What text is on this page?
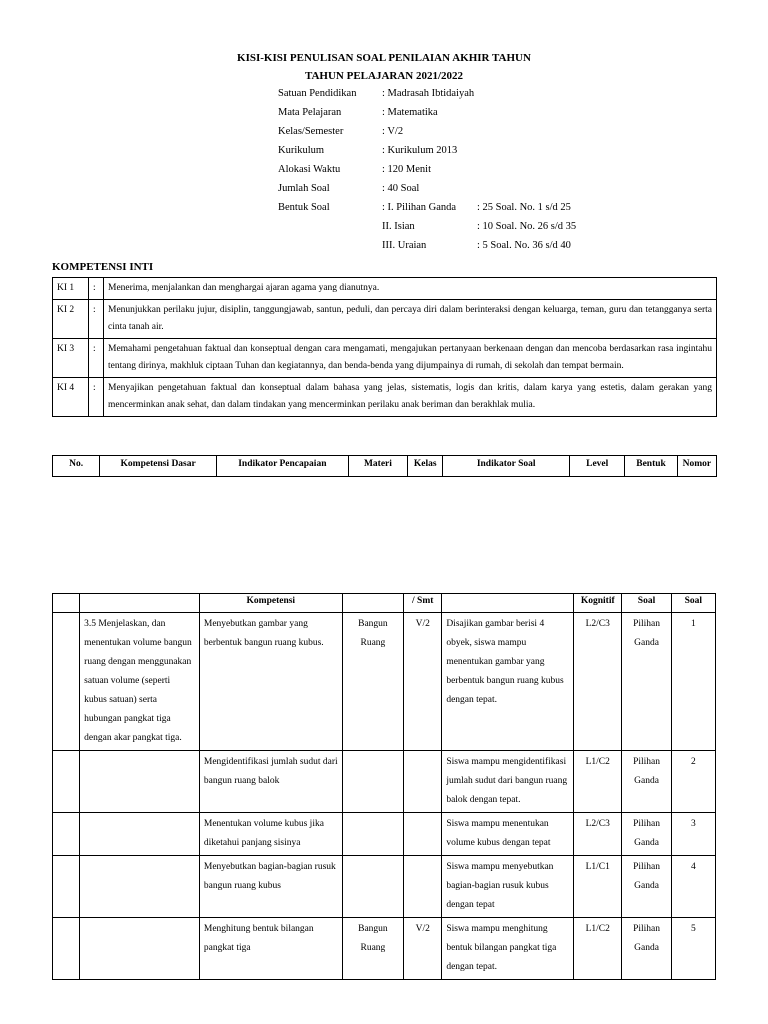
KISI-KISI PENULISAN SOAL PENILAIAN AKHIR TAHUN
TAHUN PELAJARAN 2021/2022
Satuan Pendidikan	: Madrasah Ibtidaiyah
Mata Pelajaran	: Matematika
Kelas/Semester	: V/2
Kurikulum	: Kurikulum 2013
Alokasi Waktu	: 120 Menit
Jumlah Soal	: 40 Soal
Bentuk Soal	: I. Pilihan Ganda	: 25 Soal. No. 1 s/d 25
II. Isian	: 10 Soal. No. 26 s/d 35
III. Uraian	: 5 Soal. No. 36 s/d 40
KOMPETENSI INTI
KI 1	:	Menerima, menjalankan dan menghargai ajaran agama yang dianutnya.
KI 2	:	Menunjukkan perilaku jujur, disiplin, tanggungjawab, santun, peduli, dan percaya diri dalam berinteraksi dengan keluarga, teman, guru dan tetangganya serta cinta tanah air.
KI 3	:	Memahami pengetahuan faktual dan konseptual dengan cara mengamati, mengajukan pertanyaan berkenaan dengan dan mencoba berdasarkan rasa ingintahu tentang dirinya, makhluk ciptaan Tuhan dan kegiatannya, dan benda-benda yang dijumpainya di rumah, di sekolah dan tempat bermain.
KI 4	:	Menyajikan pengetahuan faktual dan konseptual dalam bahasa yang jelas, sistematis, logis dan kritis, dalam karya yang estetis, dalam gerakan yang mencerminkan anak sehat, dan dalam tindakan yang mencerminkan perilaku anak beriman dan berakhlak mulia.
No.	Kompetensi Dasar	Indikator Pencapaian	Materi	Kelas	Indikator Soal	Level	Bentuk	Nomor
		Kompetensi		/ Smt		Kognitif	Soal	Soal
	3.5 Menjelaskan, dan menentukan volume bangun ruang dengan menggunakan satuan volume (seperti kubus satuan) serta hubungan pangkat tiga dengan akar pangkat tiga.	Menyebutkan gambar yang berbentuk bangun ruang kubus.	Bangun Ruang	V/2	Disajikan gambar berisi 4 obyek, siswa mampu menentukan gambar yang berbentuk bangun ruang kubus dengan tepat.	L2/C3	Pilihan Ganda	1
		Mengidentifikasi jumlah sudut dari bangun ruang balok			Siswa mampu mengidentifikasi jumlah sudut dari bangun ruang balok dengan tepat.	L1/C2	Pilihan Ganda	2
		Menentukan volume kubus jika diketahui panjang sisinya			Siswa mampu menentukan volume kubus dengan tepat	L2/C3	Pilihan Ganda	3
		Menyebutkan bagian-bagian rusuk bangun ruang kubus			Siswa mampu menyebutkan bagian-bagian rusuk kubus dengan tepat	L1/C1	Pilihan Ganda	4
		Menghitung bentuk bilangan pangkat tiga	Bangun Ruang	V/2	Siswa mampu menghitung bentuk bilangan pangkat tiga dengan tepat.	L1/C2	Pilihan Ganda	5
